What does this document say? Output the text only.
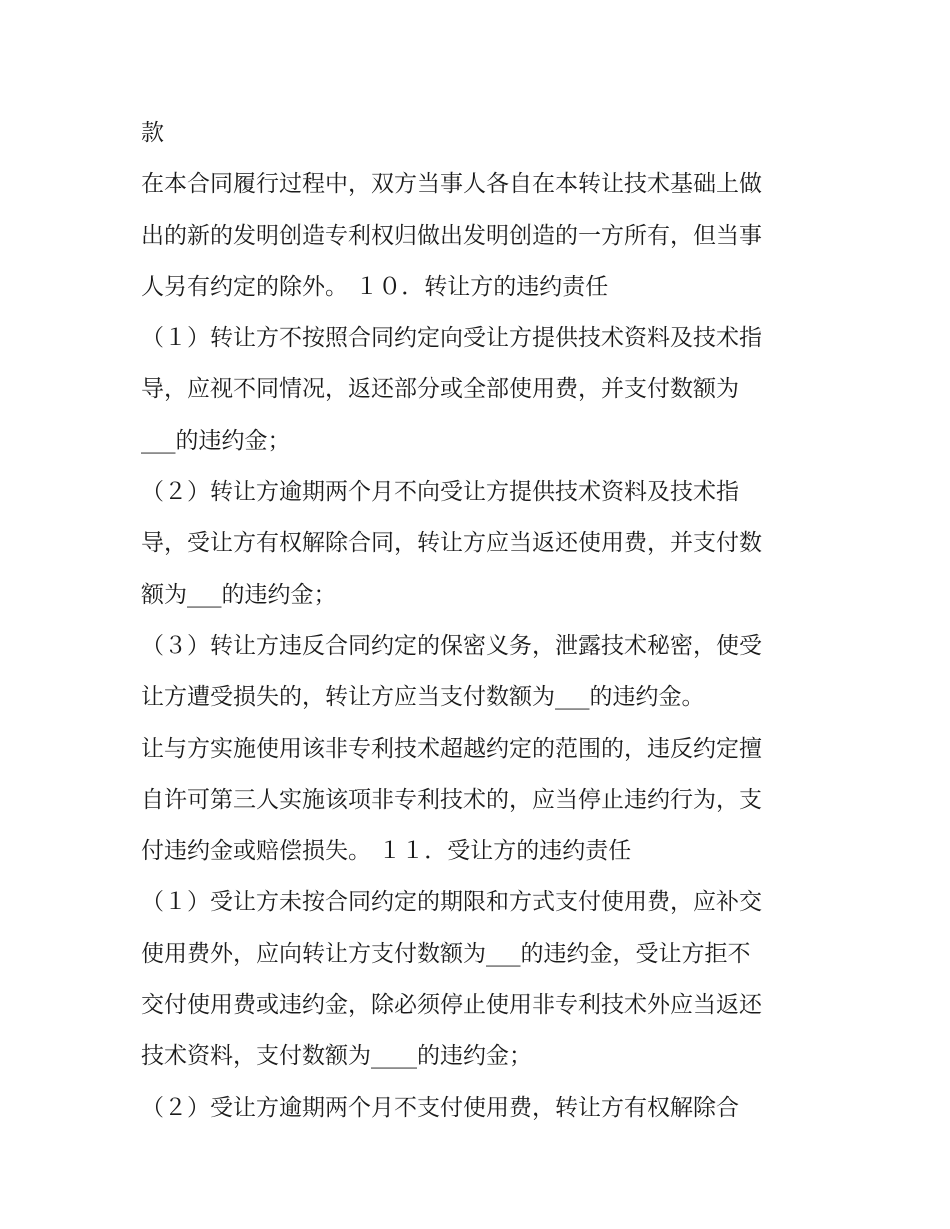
款
在本合同履行过程中，双方当事人各自在本转让技术基础上做
出的新的发明创造专利权归做出发明创造的一方所有，但当事
人另有约定的除外。 １０．转让方的违约责任
（１）转让方不按照合同约定向受让方提供技术资料及技术指
导，应视不同情况，返还部分或全部使用费，并支付数额为
___的违约金；
（２）转让方逾期两个月不向受让方提供技术资料及技术指
导，受让方有权解除合同，转让方应当返还使用费，并支付数
额为___的违约金；
（３）转让方违反合同约定的保密义务，泄露技术秘密，使受
让方遭受损失的，转让方应当支付数额为___的违约金。
让与方实施使用该非专利技术超越约定的范围的，违反约定擅
自许可第三人实施该项非专利技术的，应当停止违约行为，支
付违约金或赔偿损失。 １１．受让方的违约责任
（１）受让方未按合同约定的期限和方式支付使用费，应补交
使用费外，应向转让方支付数额为___的违约金，受让方拒不
交付使用费或违约金，除必须停止使用非专利技术外应当返还
技术资料，支付数额为____的违约金；
（２）受让方逾期两个月不支付使用费，转让方有权解除合
